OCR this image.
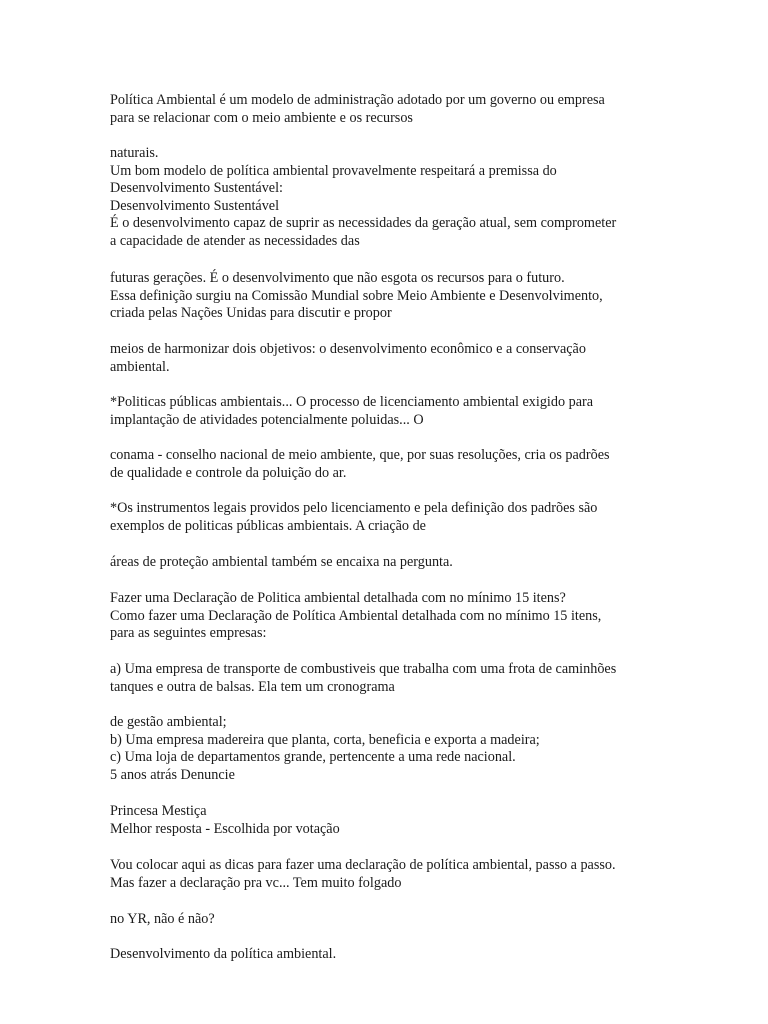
Política Ambiental é um modelo de administração adotado por um governo ou empresa
para se relacionar com o meio ambiente e os recursos
naturais.
Um bom modelo de política ambiental provavelmente respeitará a premissa do
Desenvolvimento Sustentável:
Desenvolvimento Sustentável
É o desenvolvimento capaz de suprir as necessidades da geração atual, sem comprometer
a capacidade de atender as necessidades das
futuras gerações. É o desenvolvimento que não esgota os recursos para o futuro.
Essa definição surgiu na Comissão Mundial sobre Meio Ambiente e Desenvolvimento,
criada pelas Nações Unidas para discutir e propor
meios de harmonizar dois objetivos: o desenvolvimento econômico e a conservação
ambiental.
*Politicas públicas ambientais... O processo de licenciamento ambiental exigido para
implantação de atividades potencialmente poluidas... O
conama - conselho nacional de meio ambiente, que, por suas resoluções, cria os padrões
de qualidade e controle da poluição do ar.
*Os instrumentos legais providos pelo licenciamento e pela definição dos padrões são
exemplos de politicas públicas ambientais. A criação de
áreas de proteção ambiental também se encaixa na pergunta.
Fazer uma Declaração de Politica ambiental detalhada com no mínimo 15 itens?
Como fazer uma Declaração de Política Ambiental detalhada com no mínimo 15 itens,
para as seguintes empresas:
a) Uma empresa de transporte de combustiveis que trabalha com uma frota de caminhões
tanques e outra de balsas. Ela tem um cronograma
de gestão ambiental;
b) Uma empresa madereira que planta, corta, beneficia e exporta a madeira;
c) Uma loja de departamentos grande, pertencente a uma rede nacional.
5 anos atrás Denuncie
Princesa Mestiça
Melhor resposta - Escolhida por votação
Vou colocar aqui as dicas para fazer uma declaração de política ambiental, passo a passo.
Mas fazer a declaração pra vc... Tem muito folgado
no YR, não é não?
Desenvolvimento da política ambiental.
